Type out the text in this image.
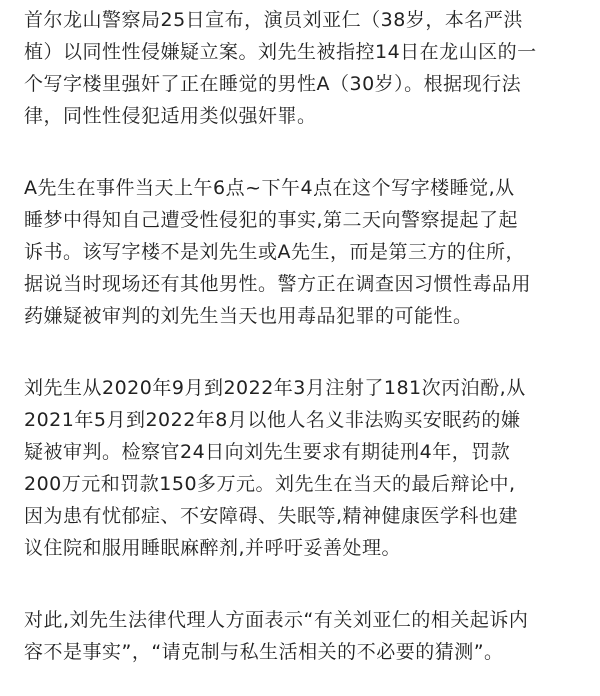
首尔龙山警察局25日宣布，演员刘亚仁（38岁，本名严洪
植）以同性性侵嫌疑立案。刘先生被指控14日在龙山区的一
个写字楼里强奸了正在睡觉的男性A（30岁）。根据现行法
律，同性性侵犯适用类似强奸罪。
A先生在事件当天上午6点~下午4点在这个写字楼睡觉,从
睡梦中得知自己遭受性侵犯的事实,第二天向警察提起了起
诉书。该写字楼不是刘先生或A先生，而是第三方的住所，
据说当时现场还有其他男性。警方正在调查因习惯性毒品用
药嫌疑被审判的刘先生当天也用毒品犯罪的可能性。
刘先生从2020年9月到2022年3月注射了181次丙泊酚,从
2021年5月到2022年8月以他人名义非法购买安眠药的嫌
疑被审判。检察官24日向刘先生要求有期徒刑4年，罚款
200万元和罚款150多万元。刘先生在当天的最后辩论中,
因为患有忧郁症、不安障碍、失眠等,精神健康医学科也建
议住院和服用睡眠麻醉剂,并呼吁妥善处理。
对此,刘先生法律代理人方面表示“有关刘亚仁的相关起诉内
容不是事实”，“请克制与私生活相关的不必要的猜测”。
